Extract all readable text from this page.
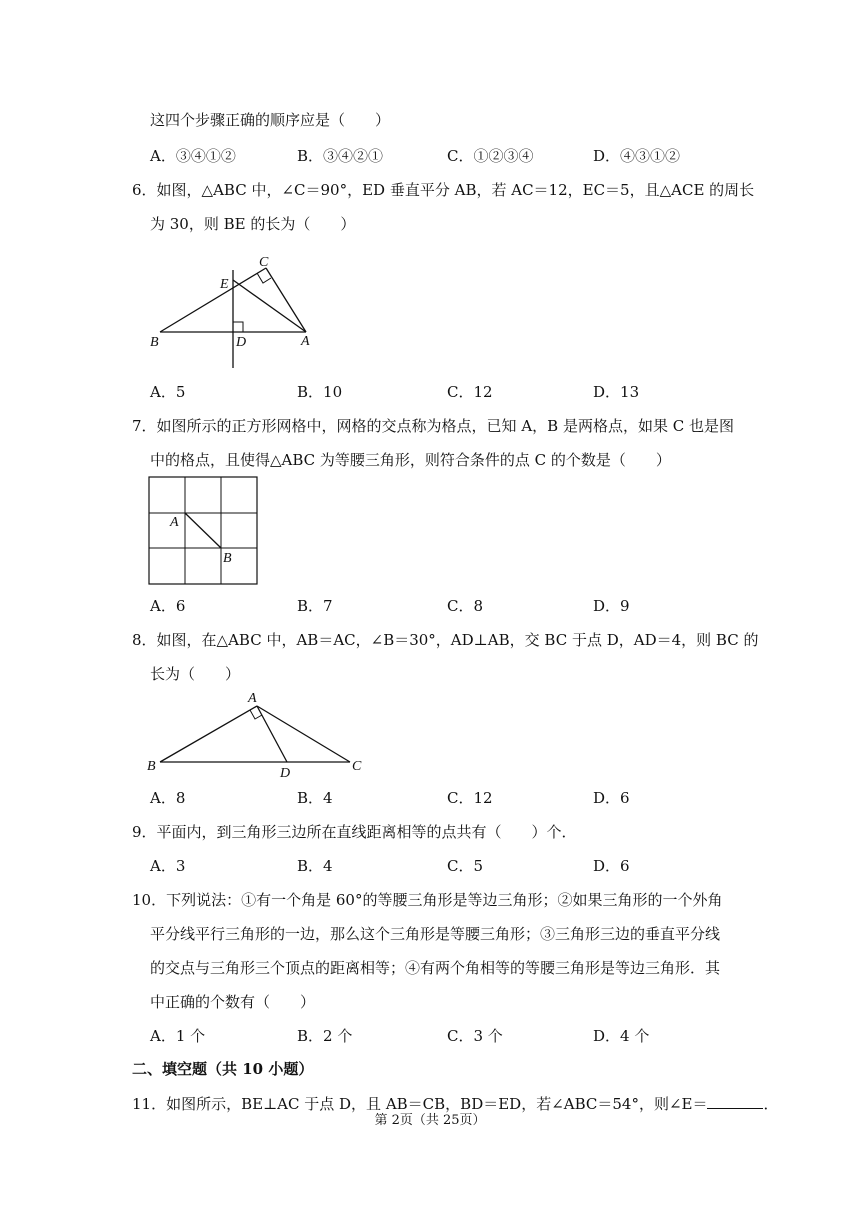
这四个步骤正确的顺序应是（　　）
A．③④①②	B．③④②①	C．①②③④	D．④③①②
6．如图，△ABC 中，∠C＝90°，ED 垂直平分 AB，若 AC＝12，EC＝5，且△ACE 的周长
为 30，则 BE 的长为（　　）
B	D	A
E
C
A．5	B．10	C．12	D．13
7．如图所示的正方形网格中，网格的交点称为格点，已知 A，B 是两格点，如果 C 也是图
中的格点，且使得△ABC 为等腰三角形，则符合条件的点 C 的个数是（　　）
A
B
A．6	B．7	C．8	D．9
8．如图，在△ABC 中，AB＝AC，∠B＝30°，AD⊥AB，交 BC 于点 D，AD＝4，则 BC 的
长为（　　）
A
B	C
D
A．8	B．4	C．12	D．6
9．平面内，到三角形三边所在直线距离相等的点共有（　　）个．
A．3	B．4	C．5	D．6
10．下列说法：①有一个角是 60°的等腰三角形是等边三角形；②如果三角形的一个外角
平分线平行三角形的一边，那么这个三角形是等腰三角形；③三角形三边的垂直平分线
的交点与三角形三个顶点的距离相等；④有两个角相等的等腰三角形是等边三角形．其
中正确的个数有（　　）
A．1 个	B．2 个	C．3 个	D．4 个
二、填空题（共 10 小题）
11．如图所示，BE⊥AC 于点 D，且 AB＝CB，BD＝ED，若∠ABC＝54°，则∠E＝	．
第 2页（共 25页）
